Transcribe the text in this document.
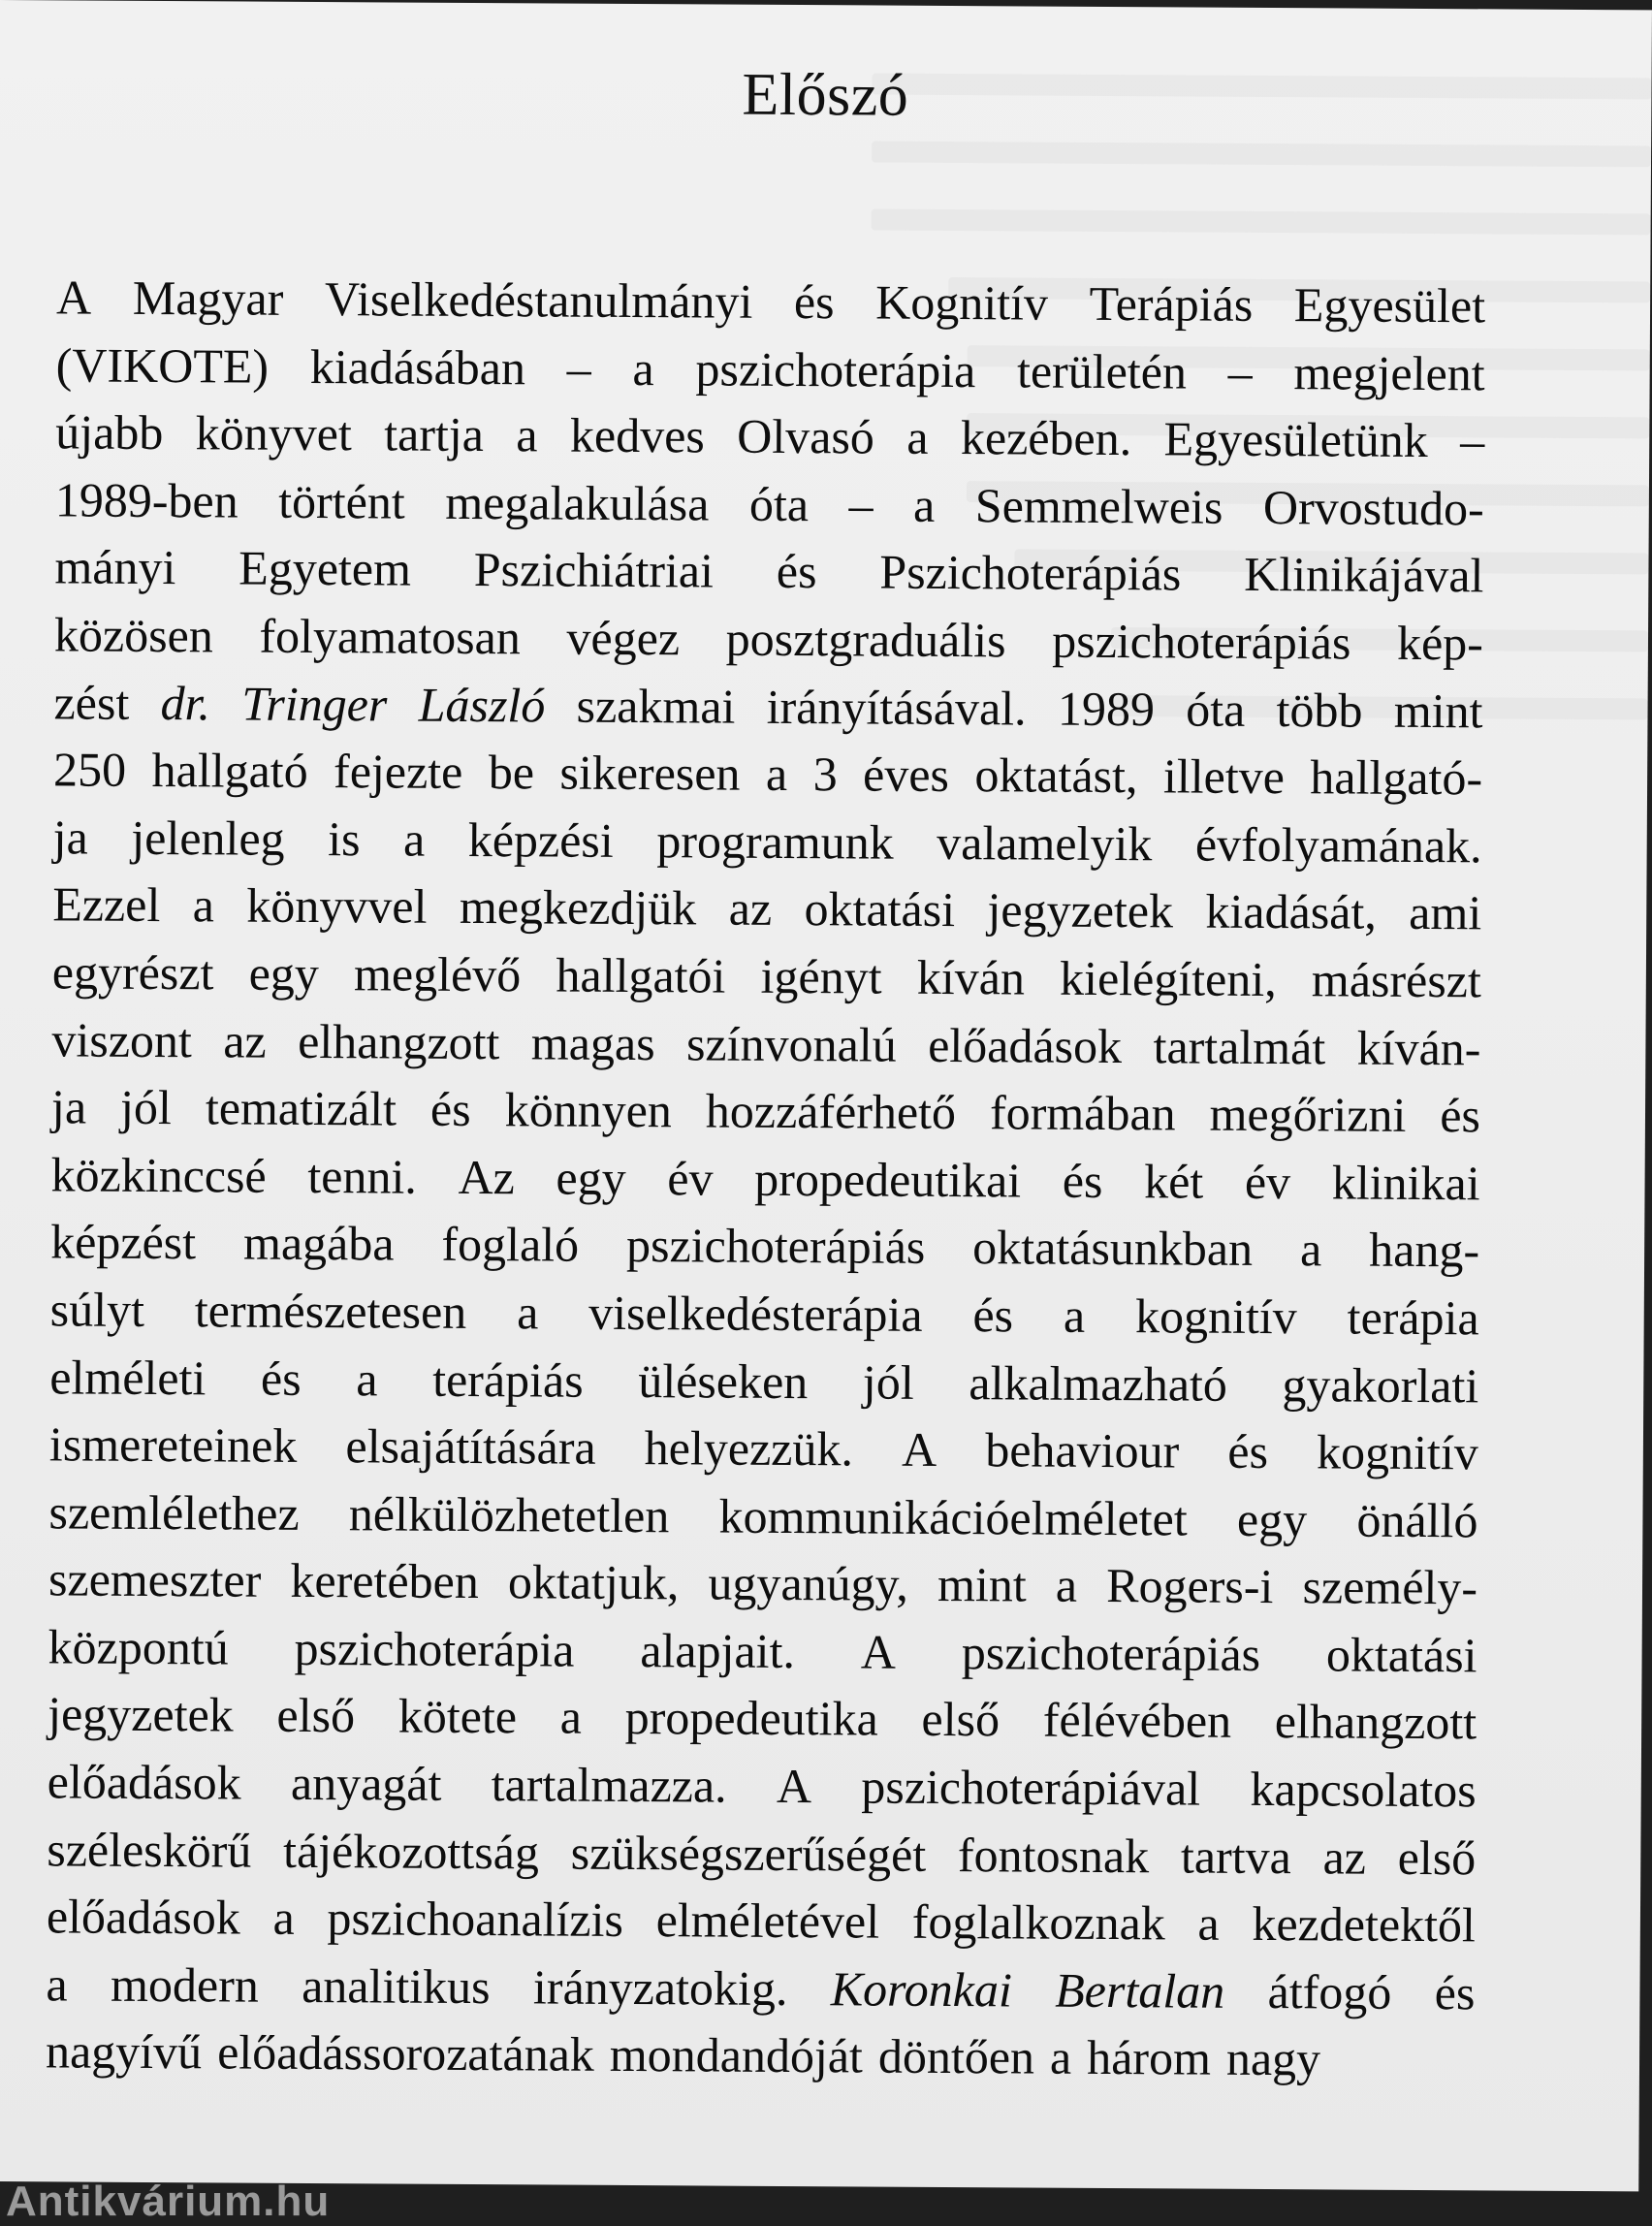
Előszó
A Magyar Viselkedéstanulmányi és Kognitív Terápiás Egyesület
(VIKOTE) kiadásában – a pszichoterápia területén – megjelent
újabb könyvet tartja a kedves Olvasó a kezében. Egyesületünk –
1989-ben történt megalakulása óta – a Semmelweis Orvostudo-
mányi Egyetem Pszichiátriai és Pszichoterápiás Klinikájával
közösen folyamatosan végez posztgraduális pszichoterápiás kép-
zést dr. Tringer László szakmai irányításával. 1989 óta több mint
250 hallgató fejezte be sikeresen a 3 éves oktatást, illetve hallgató-
ja jelenleg is a képzési programunk valamelyik évfolyamának.
Ezzel a könyvvel megkezdjük az oktatási jegyzetek kiadását, ami
egyrészt egy meglévő hallgatói igényt kíván kielégíteni, másrészt
viszont az elhangzott magas színvonalú előadások tartalmát kíván-
ja jól tematizált és könnyen hozzáférhető formában megőrizni és
közkinccsé tenni. Az egy év propedeutikai és két év klinikai
képzést magába foglaló pszichoterápiás oktatásunkban a hang-
súlyt természetesen a viselkedésterápia és a kognitív terápia
elméleti és a terápiás üléseken jól alkalmazható gyakorlati
ismereteinek elsajátítására helyezzük. A behaviour és kognitív
szemlélethez nélkülözhetetlen kommunikációelméletet egy önálló
szemeszter keretében oktatjuk, ugyanúgy, mint a Rogers-i személy-
központú pszichoterápia alapjait. A pszichoterápiás oktatási
jegyzetek első kötete a propedeutika első félévében elhangzott
előadások anyagát tartalmazza. A pszichoterápiával kapcsolatos
széleskörű tájékozottság szükségszerűségét fontosnak tartva az első
előadások a pszichoanalízis elméletével foglalkoznak a kezdetektől
a modern analitikus irányzatokig. Koronkai Bertalan átfogó és
nagyívű előadássorozatának mondandóját döntően a három nagy
Antikvárium.hu
